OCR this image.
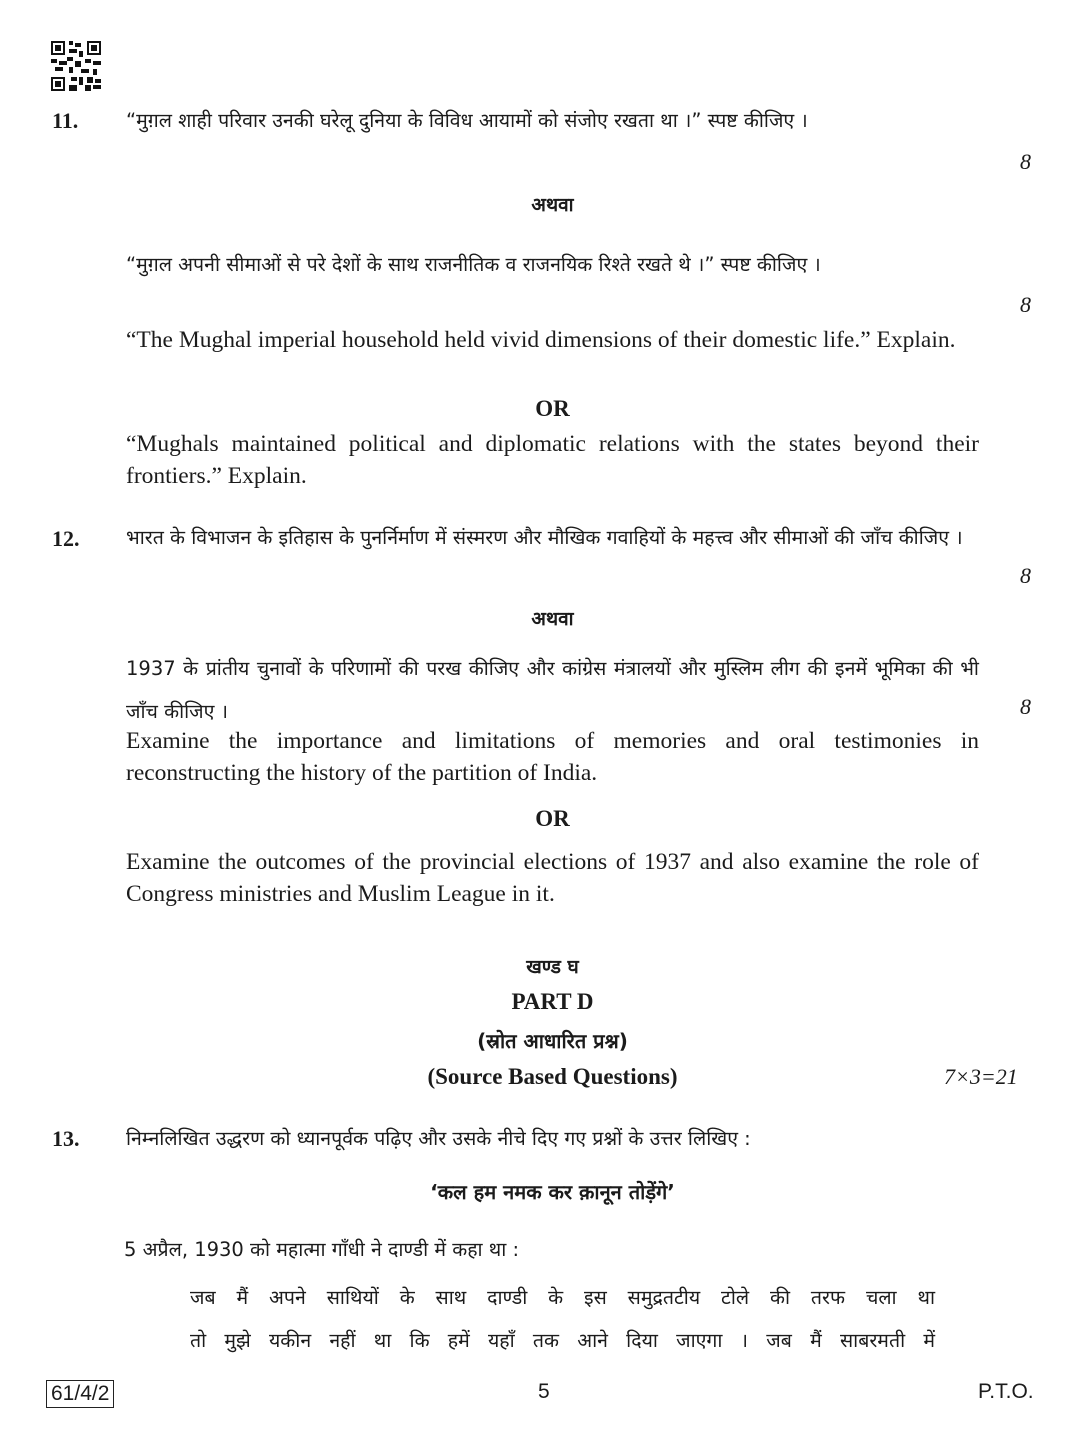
11. “मुग़ल शाही परिवार उनकी घरेलू दुनिया के विविध आयामों को संजोए रखता था ।” स्पष्ट कीजिए ।
8
अथवा
“मुग़ल अपनी सीमाओं से परे देशों के साथ राजनीतिक व राजनयिक रिश्ते रखते थे ।” स्पष्ट कीजिए ।
8
“The Mughal imperial household held vivid dimensions of their domestic life.” Explain.
OR
“Mughals maintained political and diplomatic relations with the states beyond their frontiers.” Explain.
12. भारत के विभाजन के इतिहास के पुनर्निर्माण में संस्मरण और मौखिक गवाहियों के महत्त्व और सीमाओं की जाँच कीजिए ।
8
अथवा
1937 के प्रांतीय चुनावों के परिणामों की परख कीजिए और कांग्रेस मंत्रालयों और मुस्लिम लीग की इनमें भूमिका की भी जाँच कीजिए ।	8
Examine the importance and limitations of memories and oral testimonies in reconstructing the history of the partition of India.
OR
Examine the outcomes of the provincial elections of 1937 and also examine the role of Congress ministries and Muslim League in it.
खण्ड घ
PART D
(स्रोत आधारित प्रश्न)
(Source Based Questions)	7×3=21
13. निम्नलिखित उद्धरण को ध्यानपूर्वक पढ़िए और उसके नीचे दिए गए प्रश्नों के उत्तर लिखिए :
‘कल हम नमक कर क़ानून तोड़ेंगे’
5 अप्रैल, 1930 को महात्मा गाँधी ने दाण्डी में कहा था :
जब मैं अपने साथियों के साथ दाण्डी के इस समुद्रतटीय टोले की तरफ चला था
तो मुझे यकीन नहीं था कि हमें यहाँ तक आने दिया जाएगा । जब मैं साबरमती में
61/4/2	5	P.T.O.
